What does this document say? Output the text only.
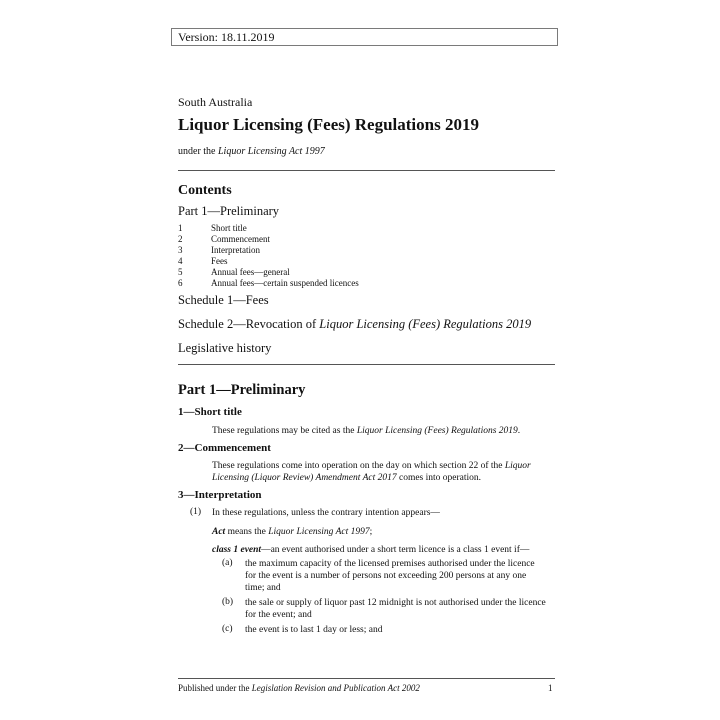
Version: 18.11.2019
South Australia
Liquor Licensing (Fees) Regulations 2019
under the Liquor Licensing Act 1997
Contents
Part 1—Preliminary
1	Short title
2	Commencement
3	Interpretation
4	Fees
5	Annual fees—general
6	Annual fees—certain suspended licences
Schedule 1—Fees
Schedule 2—Revocation of Liquor Licensing (Fees) Regulations 2019
Legislative history
Part 1—Preliminary
1—Short title
These regulations may be cited as the Liquor Licensing (Fees) Regulations 2019.
2—Commencement
These regulations come into operation on the day on which section 22 of the Liquor Licensing (Liquor Review) Amendment Act 2017 comes into operation.
3—Interpretation
(1) In these regulations, unless the contrary intention appears—
Act means the Liquor Licensing Act 1997;
class 1 event—an event authorised under a short term licence is a class 1 event if—
(a) the maximum capacity of the licensed premises authorised under the licence for the event is a number of persons not exceeding 200 persons at any one time; and
(b) the sale or supply of liquor past 12 midnight is not authorised under the licence for the event; and
(c) the event is to last 1 day or less; and
Published under the Legislation Revision and Publication Act 2002	1
